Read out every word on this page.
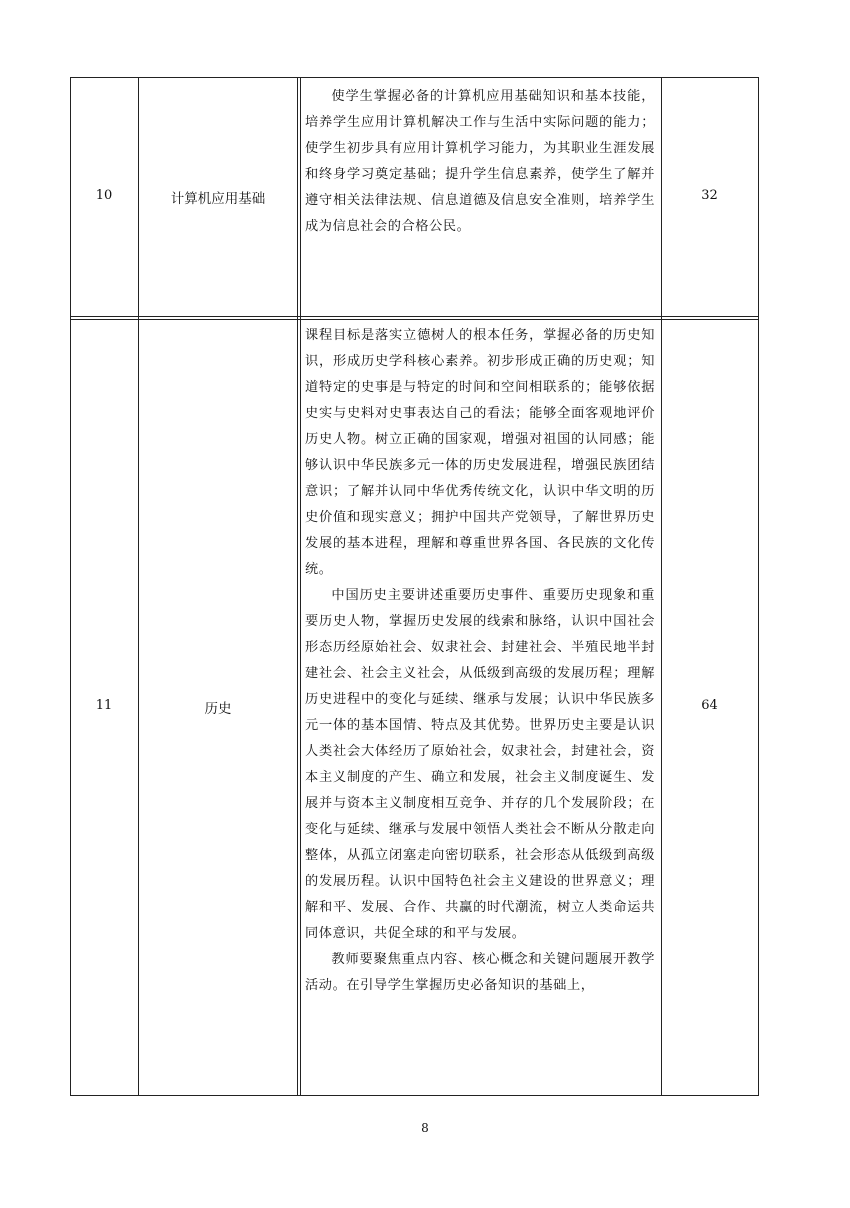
10	计算机应用基础

使学生掌握必备的计算机应用基础知识和基本技能，培养学生应用计算机解决工作与生活中实际问题的能力；使学生初步具有应用计算机学习能力，为其职业生涯发展和终身学习奠定基础；提升学生信息素养，使学生了解并遵守相关法律法规、信息道德及信息安全准则，培养学生成为信息社会的合格公民。

32
11	历史

课程目标是落实立德树人的根本任务，掌握必备的历史知识，形成历史学科核心素养。初步形成正确的历史观；知道特定的史事是与特定的时间和空间相联系的；能够依据史实与史料对史事表达自己的看法；能够全面客观地评价历史人物。树立正确的国家观，增强对祖国的认同感；能够认识中华民族多元一体的历史发展进程，增强民族团结意识；了解并认同中华优秀传统文化，认识中华文明的历史价值和现实意义；拥护中国共产党领导，了解世界历史发展的基本进程，理解和尊重世界各国、各民族的文化传统。

中国历史主要讲述重要历史事件、重要历史现象和重要历史人物，掌握历史发展的线索和脉络，认识中国社会形态历经原始社会、奴隶社会、封建社会、半殖民地半封建社会、社会主义社会，从低级到高级的发展历程；理解历史进程中的变化与延续、继承与发展；认识中华民族多元一体的基本国情、特点及其优势。世界历史主要是认识人类社会大体经历了原始社会，奴隶社会，封建社会，资本主义制度的产生、确立和发展，社会主义制度诞生、发展并与资本主义制度相互竞争、并存的几个发展阶段；在变化与延续、继承与发展中领悟人类社会不断从分散走向整体，从孤立闭塞走向密切联系，社会形态从低级到高级的发展历程。认识中国特色社会主义建设的世界意义；理解和平、发展、合作、共赢的时代潮流，树立人类命运共同体意识，共促全球的和平与发展。

教师要聚焦重点内容、核心概念和关键问题展开教学活动。在引导学生掌握历史必备知识的基础上，

64
8
